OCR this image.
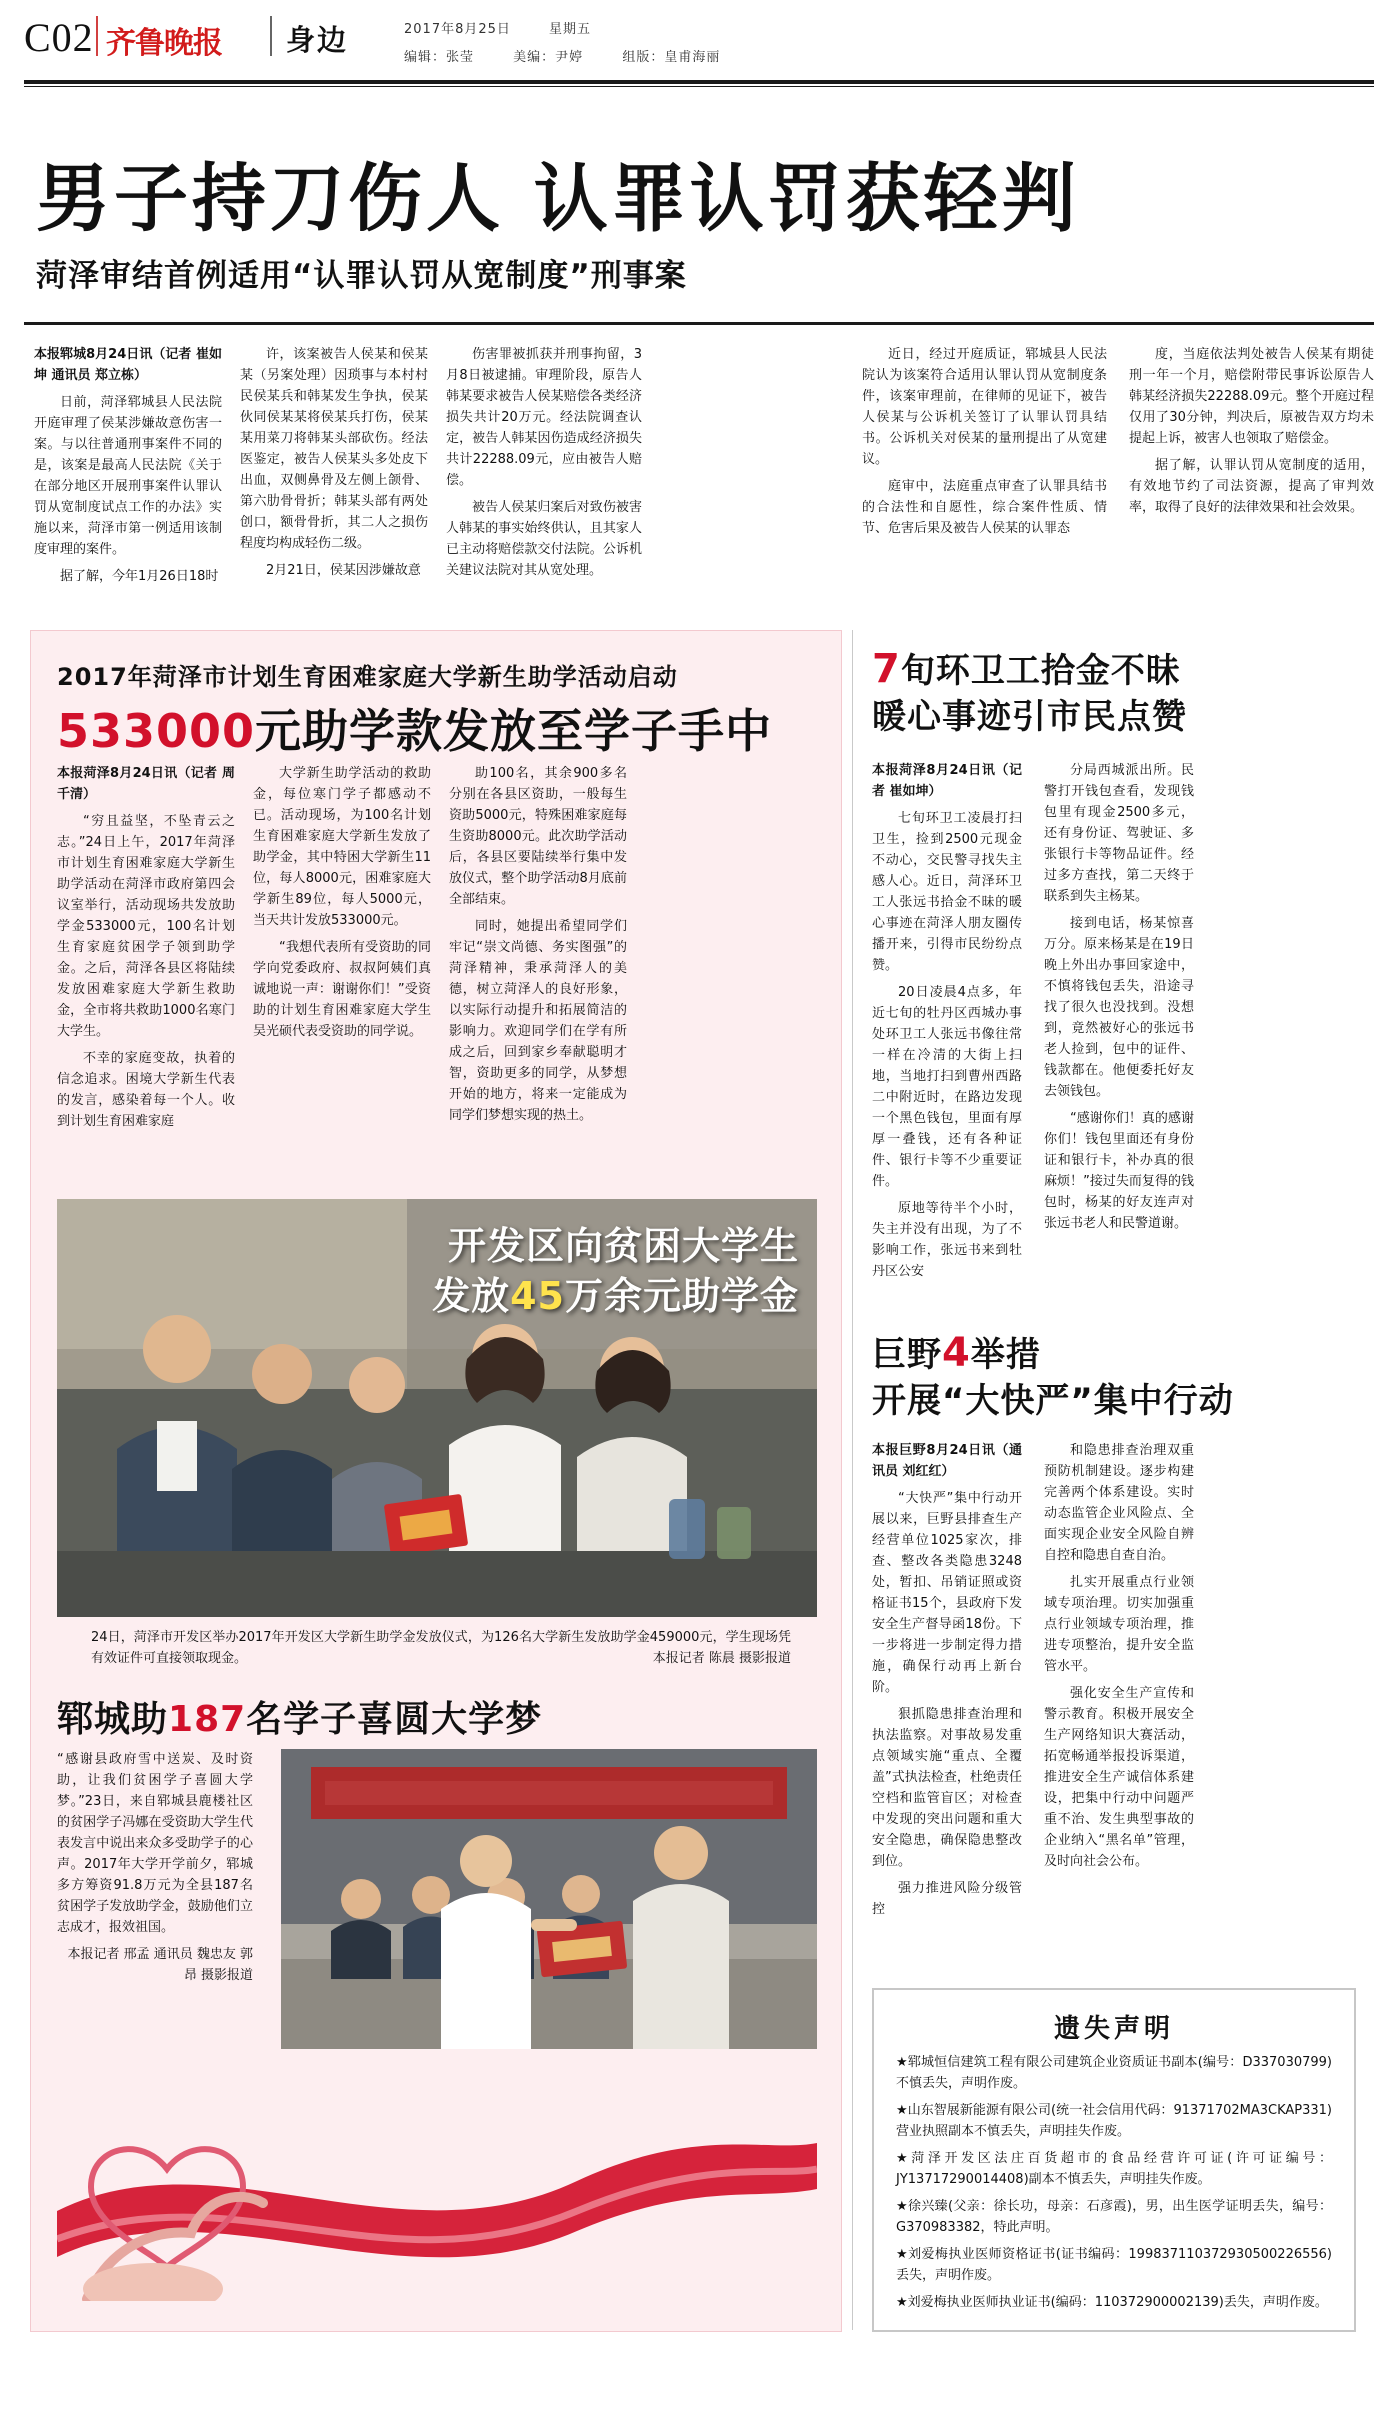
C02 齐鲁晚报 身边	2017年8月25日	星期五
编辑：张莹	美编：尹婷	组版：皇甫海丽
男子持刀伤人 认罪认罚获轻判
菏泽审结首例适用“认罪认罚从宽制度”刑事案

本报郓城8月24日讯（记者 崔如坤 通讯员 郑立栋）

日前，菏泽郓城县人民法院开庭审理了侯某涉嫌故意伤害一案。与以往普通刑事案件不同的是，该案是最高人民法院《关于在部分地区开展刑事案件认罪认罚从宽制度试点工作的办法》实施以来，菏泽市第一例适用该制度审理的案件。

据了解，今年1月26日18时

许，该案被告人侯某和侯某某（另案处理）因琐事与本村村民侯某兵和韩某发生争执，侯某伙同侯某某将侯某兵打伤，侯某某用菜刀将韩某头部砍伤。经法医鉴定，被告人侯某头多处皮下出血，双侧鼻骨及左侧上颌骨、第六肋骨骨折；韩某头部有两处创口，额骨骨折，其二人之损伤程度均构成轻伤二级。

2月21日，侯某因涉嫌故意

伤害罪被抓获并刑事拘留，3月8日被逮捕。审理阶段，原告人韩某要求被告人侯某赔偿各类经济损失共计20万元。经法院调查认定，被告人韩某因伤造成经济损失共计22288.09元，应由被告人赔偿。

被告人侯某归案后对致伤被害人韩某的事实始终供认，且其家人已主动将赔偿款交付法院。公诉机关建议法院对其从宽处理。

近日，经过开庭质证，郓城县人民法院认为该案符合适用认罪认罚从宽制度条件，该案审理前，在律师的见证下，被告人侯某与公诉机关签订了认罪认罚具结书。公诉机关对侯某的量刑提出了从宽建议。

庭审中，法庭重点审查了认罪具结书的合法性和自愿性，综合案件性质、情节、危害后果及被告人侯某的认罪态

度，当庭依法判处被告人侯某有期徒刑一年一个月，赔偿附带民事诉讼原告人韩某经济损失22288.09元。整个开庭过程仅用了30分钟，判决后，原被告双方均未提起上诉，被害人也领取了赔偿金。

据了解，认罪认罚从宽制度的适用，有效地节约了司法资源，提高了审判效率，取得了良好的法律效果和社会效果。

2017年菏泽市计划生育困难家庭大学新生助学活动启动
533000元助学款发放至学子手中

本报菏泽8月24日讯（记者 周千清）

“穷且益坚，不坠青云之志。”24日上午，2017年菏泽市计划生育困难家庭大学新生助学活动在菏泽市政府第四会议室举行，活动现场共发放助学金533000元，100名计划生育家庭贫困学子领到助学金。之后，菏泽各县区将陆续发放困难家庭大学新生救助金，全市将共救助1000名寒门大学生。

不幸的家庭变故，执着的信念追求。困境大学新生代表的发言，感染着每一个人。收到计划生育困难家庭

大学新生助学活动的救助金，每位寒门学子都感动不已。活动现场，为100名计划生育困难家庭大学新生发放了助学金，其中特困大学新生11位，每人8000元，困难家庭大学新生89位，每人5000元，当天共计发放533000元。

“我想代表所有受资助的同学向党委政府、叔叔阿姨们真诚地说一声：谢谢你们！”受资助的计划生育困难家庭大学生吴光硕代表受资助的同学说。

助100名，其余900多名分别在各县区资助，一般每生资助5000元，特殊困难家庭每生资助8000元。此次助学活动后，各县区要陆续举行集中发放仪式，整个助学活动8月底前全部结束。

同时，她提出希望同学们牢记“崇文尚德、务实图强”的菏泽精神，秉承菏泽人的美德，树立菏泽人的良好形象，以实际行动提升和拓展简洁的影响力。欢迎同学们在学有所成之后，回到家乡奉献聪明才智，资助更多的同学，从梦想开始的地方，将来一定能成为同学们梦想实现的热土。

开发区向贫困大学生
发放45万余元助学金
24日，菏泽市开发区举办2017年开发区大学新生助学金发放仪式，为126名大学新生发放助学金459000元，学生现场凭有效证件可直接领取现金。	本报记者 陈晨 摄影报道
郓城助187名学子喜圆大学梦

“感谢县政府雪中送炭、及时资助，让我们贫困学子喜圆大学梦。”23日，来自郓城县鹿楼社区的贫困学子冯娜在受资助大学生代表发言中说出来众多受助学子的心声。2017年大学开学前夕，郓城多方筹资91.8万元为全县187名贫困学子发放助学金，鼓励他们立志成才，报效祖国。

本报记者 邢孟 通讯员 魏忠友 郭昂 摄影报道

7旬环卫工拾金不昧
暖心事迹引市民点赞

本报菏泽8月24日讯（记者 崔如坤）

七旬环卫工凌晨打扫卫生，捡到2500元现金不动心，交民警寻找失主感人心。近日，菏泽环卫工人张远书拾金不昧的暖心事迹在菏泽人朋友圈传播开来，引得市民纷纷点赞。

20日凌晨4点多，年近七旬的牡丹区西城办事处环卫工人张远书像往常一样在冷清的大街上扫地，当地打扫到曹州西路二中附近时，在路边发现一个黑色钱包，里面有厚厚一叠钱，还有各种证件、银行卡等不少重要证件。

原地等待半个小时，失主并没有出现，为了不影响工作，张远书来到牡丹区公安

分局西城派出所。民警打开钱包查看，发现钱包里有现金2500多元，还有身份证、驾驶证、多张银行卡等物品证件。经过多方查找，第二天终于联系到失主杨某。

接到电话，杨某惊喜万分。原来杨某是在19日晚上外出办事回家途中，不慎将钱包丢失，沿途寻找了很久也没找到。没想到，竟然被好心的张远书老人捡到，包中的证件、钱款都在。他便委托好友去领钱包。

“感谢你们！真的感谢你们！钱包里面还有身份证和银行卡，补办真的很麻烦！”接过失而复得的钱包时，杨某的好友连声对张远书老人和民警道谢。

巨野4举措
开展“大快严”集中行动

本报巨野8月24日讯（通讯员 刘红红）

“大快严”集中行动开展以来，巨野县排查生产经营单位1025家次，排查、整改各类隐患3248处，暂扣、吊销证照或资格证书15个，县政府下发安全生产督导函18份。下一步将进一步制定得力措施，确保行动再上新台阶。

狠抓隐患排查治理和执法监察。对事故易发重点领域实施“重点、全覆盖”式执法检查，杜绝责任空档和监管盲区；对检查中发现的突出问题和重大安全隐患，确保隐患整改到位。

强力推进风险分级管控

和隐患排查治理双重预防机制建设。逐步构建完善两个体系建设。实时动态监管企业风险点、全面实现企业安全风险自辨自控和隐患自查自治。

扎实开展重点行业领域专项治理。切实加强重点行业领域专项治理，推进专项整治，提升安全监管水平。

强化安全生产宣传和警示教育。积极开展安全生产网络知识大赛活动，拓宽畅通举报投诉渠道，推进安全生产诚信体系建设，把集中行动中问题严重不治、发生典型事故的企业纳入“黑名单”管理，及时向社会公布。

遗失声明

★郓城恒信建筑工程有限公司建筑企业资质证书副本(编号：D337030799)不慎丢失，声明作废。

★山东智展新能源有限公司(统一社会信用代码：91371702MA3CKAP331)营业执照副本不慎丢失，声明挂失作废。

★菏泽开发区法庄百货超市的食品经营许可证(许可证编号：JY13717290014408)副本不慎丢失，声明挂失作废。

★徐兴臻(父亲：徐长功，母亲：石彦霞)，男，出生医学证明丢失，编号：G370983382，特此声明。

★刘爱梅执业医师资格证书(证书编码：199837110372930500226556)丢失，声明作废。

★刘爱梅执业医师执业证书(编码：110372900002139)丢失，声明作废。
